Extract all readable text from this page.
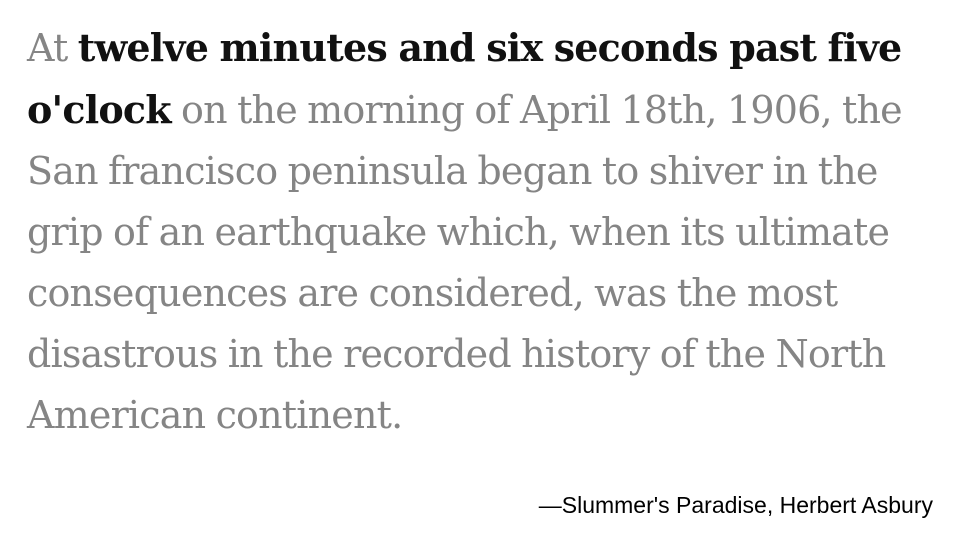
At twelve minutes and six seconds past five o'clock on the morning of April 18th, 1906, the San francisco peninsula began to shiver in the grip of an earthquake which, when its ultimate consequences are considered, was the most disastrous in the recorded history of the North American continent.

—Slummer's Paradise, Herbert Asbury
